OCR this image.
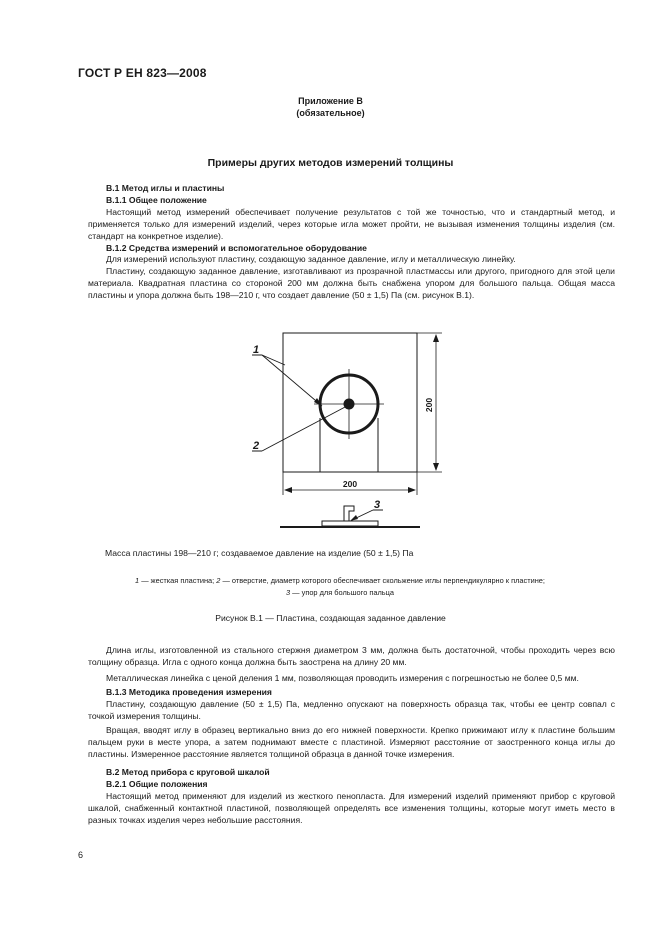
ГОСТ Р ЕН 823—2008
Приложение В
(обязательное)
Примеры других методов измерений толщины

В.1 Метод иглы и пластины

В.1.1 Общее положение

Настоящий метод измерений обеспечивает получение результатов с той же точностью, что и стандартный метод, и применяется только для измерений изделий, через которые игла может пройти, не вызывая изменения толщины изделия (см. стандарт на конкретное изделие).

В.1.2 Средства измерений и вспомогательное оборудование

Для измерений используют пластину, создающую заданное давление, иглу и металлическую линейку.

Пластину, создающую заданное давление, изготавливают из прозрачной пластмассы или другого, пригодного для этой цели материала. Квадратная пластина со стороной 200 мм должна быть снабжена упором для большого пальца. Общая масса пластины и упора должна быть 198—210 г, что создает давление (50 ± 1,5) Па (см. рисунок В.1).

200
200
1
2
3
Масса пластины 198—210 г; создаваемое давление на изделие (50 ± 1,5) Па
1 — жесткая пластина; 2 — отверстие, диаметр которого обеспечивает скольжение иглы перпендикулярно к пластине;
3 — упор для большого пальца
Рисунок В.1 — Пластина, создающая заданное давление

Длина иглы, изготовленной из стального стержня диаметром 3 мм, должна быть достаточной, чтобы проходить через всю толщину образца. Игла с одного конца должна быть заострена на длину 20 мм.

Металлическая линейка с ценой деления 1 мм, позволяющая проводить измерения с погрешностью не более 0,5 мм.

В.1.3 Методика проведения измерения

Пластину, создающую давление (50 ± 1,5) Па, медленно опускают на поверхность образца так, чтобы ее центр совпал с точкой измерения толщины.

Вращая, вводят иглу в образец вертикально вниз до его нижней поверхности. Крепко прижимают иглу к пластине большим пальцем руки в месте упора, а затем поднимают вместе с пластиной. Измеряют расстояние от заостренного конца иглы до пластины. Измеренное расстояние является толщиной образца в данной точке измерения.

В.2 Метод прибора с круговой шкалой

В.2.1 Общие положения

Настоящий метод применяют для изделий из жесткого пенопласта. Для измерений изделий применяют прибор с круговой шкалой, снабженный контактной пластиной, позволяющей определять все изменения толщины, которые могут иметь место в разных точках изделия через небольшие расстояния.

6
